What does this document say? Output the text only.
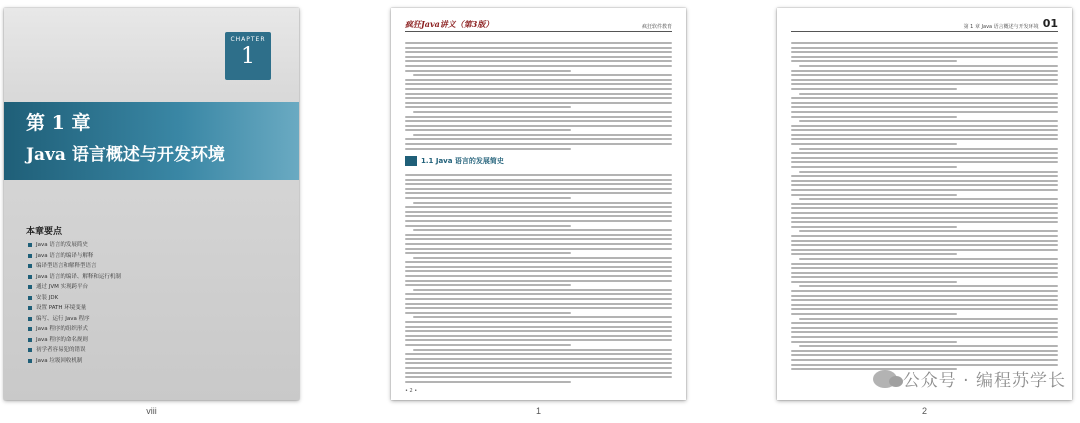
CHAPTER
1
第 1 章
Java 语言概述与开发环境
本章要点
Java 语言的发展简史
Java 语言的编译与解释
编译型语言和解释型语言
Java 语言的编译、解释和运行机制
通过 JVM 实现跨平台
安装 JDK
设置 PATH 环境变量
编写、运行 Java 程序
Java 程序的组织形式
Java 程序的命名规则
初学者容易犯的错误
Java 垃圾回收机制
viii
疯狂Java讲义（第3版）	疯狂软件教育
1.1 Java 语言的发展简史
• 2 •
1
第 1 章 Java 语言概述与开发环境 01
2
公众号 · 编程苏学长
